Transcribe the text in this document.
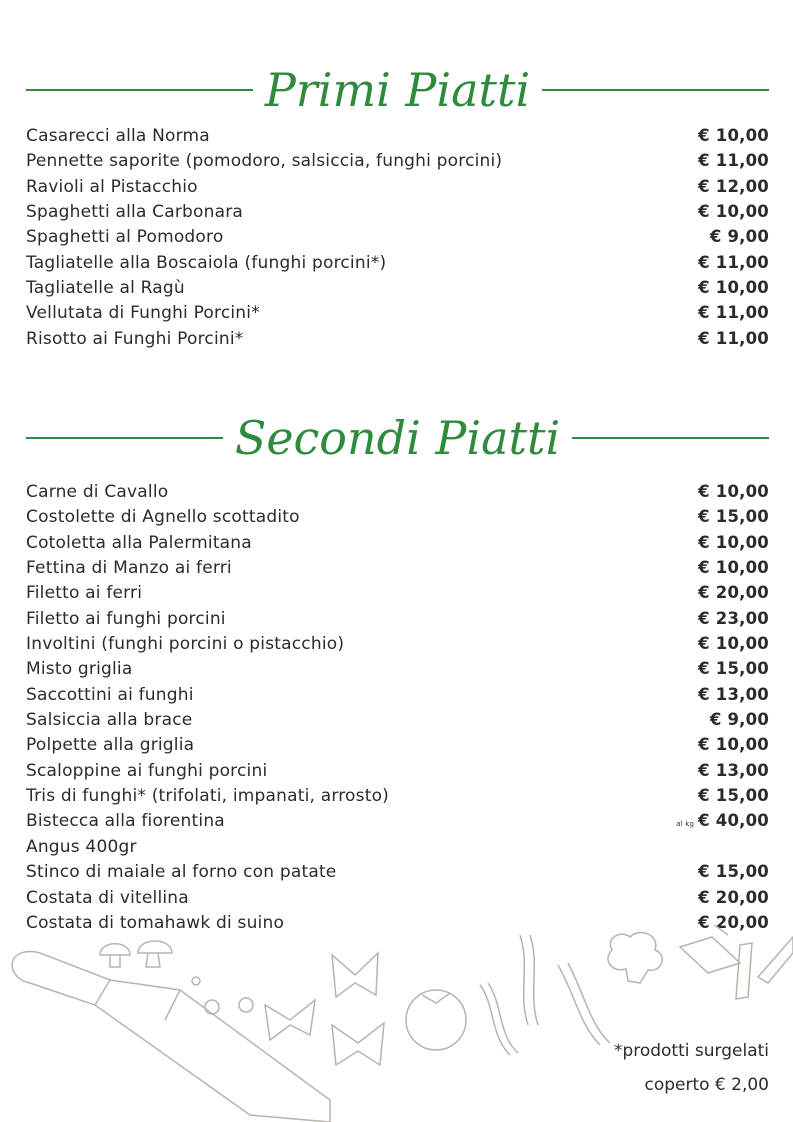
Primi Piatti
Casarecci alla Norma	€ 10,00
Pennette saporite (pomodoro, salsiccia, funghi porcini)	€ 11,00
Ravioli al Pistacchio	€ 12,00
Spaghetti alla Carbonara	€ 10,00
Spaghetti al Pomodoro	€ 9,00
Tagliatelle alla Boscaiola (funghi porcini*)	€ 11,00
Tagliatelle al Ragù	€ 10,00
Vellutata di Funghi Porcini*	€ 11,00
Risotto ai Funghi Porcini*	€ 11,00
Secondi Piatti
Carne di Cavallo	€ 10,00
Costolette di Agnello scottadito	€ 15,00
Cotoletta alla Palermitana	€ 10,00
Fettina di Manzo ai ferri	€ 10,00
Filetto ai ferri	€ 20,00
Filetto ai funghi porcini	€ 23,00
Involtini (funghi porcini o pistacchio)	€ 10,00
Misto griglia	€ 15,00
Saccottini ai funghi	€ 13,00
Salsiccia alla brace	€ 9,00
Polpette alla griglia	€ 10,00
Scaloppine ai funghi porcini	€ 13,00
Tris di funghi* (trifolati, impanati, arrosto)	€ 15,00
Bistecca alla fiorentina	al kg € 40,00
Angus 400gr
Stinco di maiale al forno con patate	€ 15,00
Costata di vitellina	€ 20,00
Costata di tomahawk di suino	€ 20,00
*prodotti surgelati
coperto € 2,00
